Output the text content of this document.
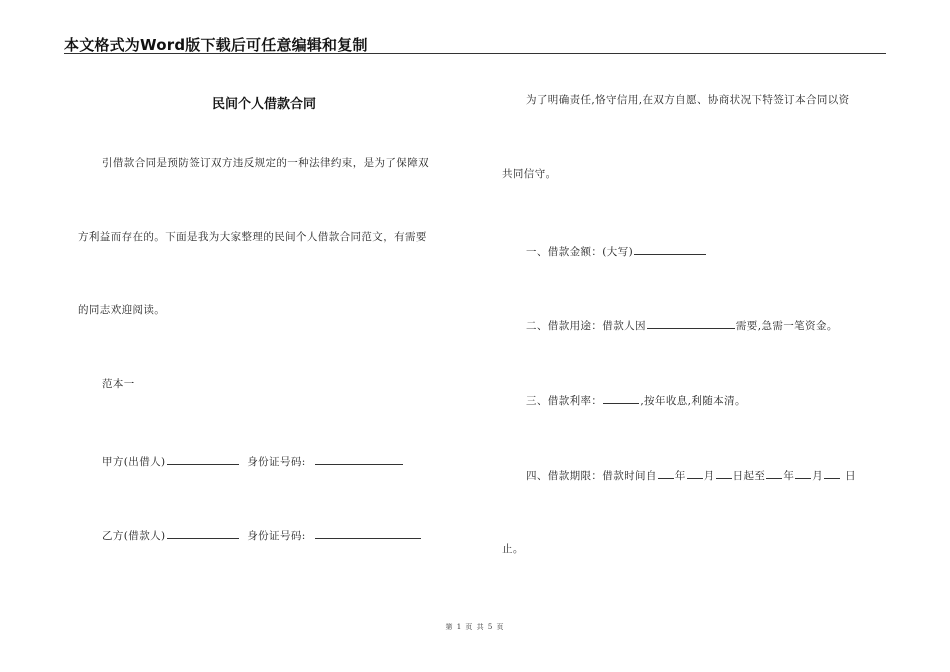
本文格式为Word版下载后可任意编辑和复制
民间个人借款合同
引借款合同是预防签订双方违反规定的一种法律约束，是为了保障双
方利益而存在的。下面是我为大家整理的民间个人借款合同范文，有需要
的同志欢迎阅读。
范本一
甲方(出借人)	身份证号码:
乙方(借款人)	身份证号码:
为了明确责任,恪守信用,在双方自愿、协商状况下特签订本合同以资
共同信守。
一、借款金额：(大写)
二、借款用途：借款人因	需要,急需一笔资金。
三、借款利率：	,按年收息,利随本清。
四、借款期限：借款时间自 年 月 日起至 年 月 日
止。
第 1 页 共 5 页
